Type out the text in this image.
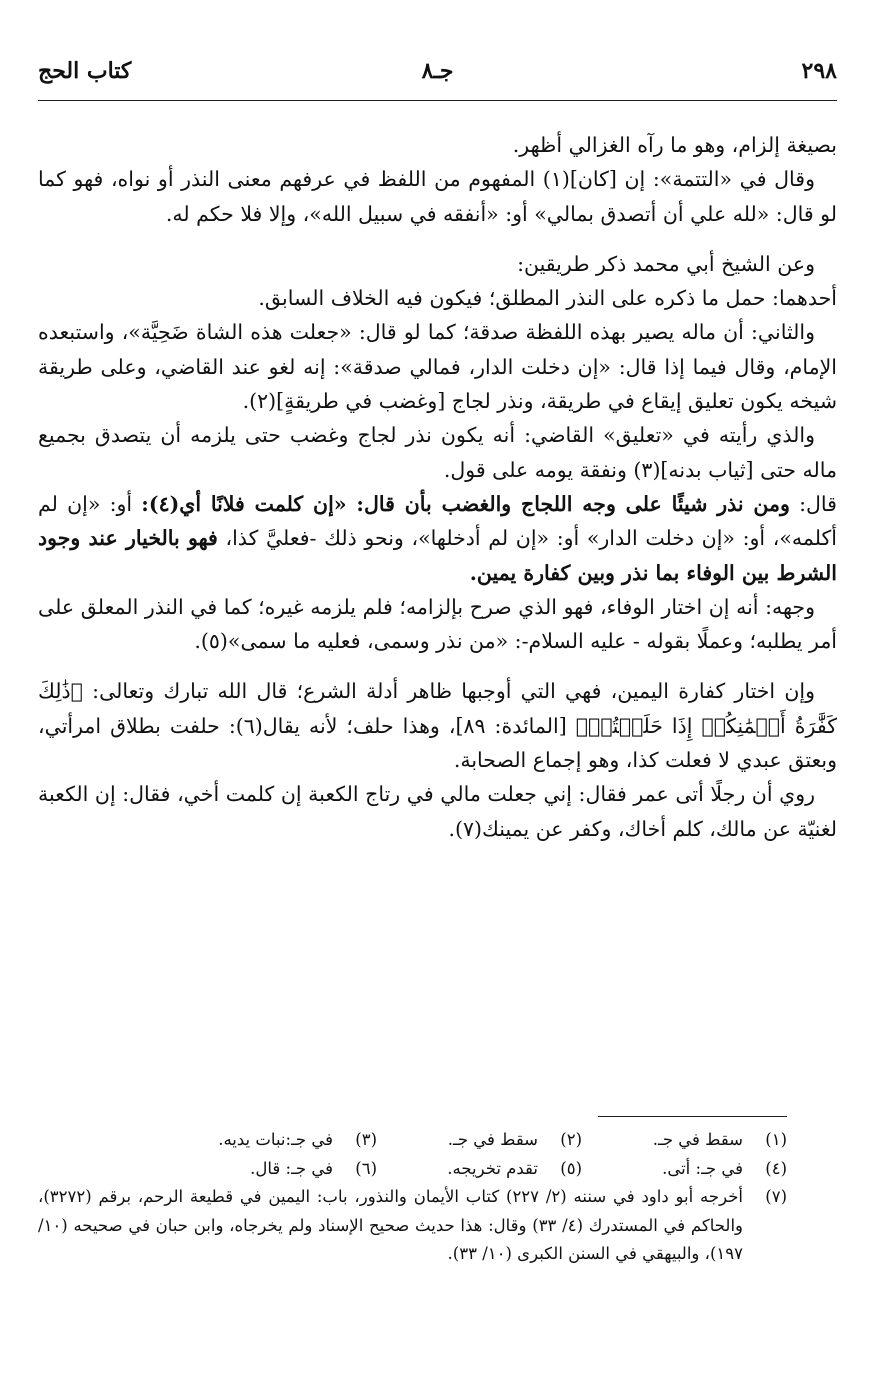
٢٩٨
جـ٨
كتاب الحج

بصيغة إلزام، وهو ما رآه الغزالي أظهر.

وقال في «التتمة»: إن [كان](١) المفهوم من اللفظ في عرفهم معنى النذر أو نواه، فهو كما لو قال: «لله علي أن أتصدق بمالي» أو: «أنفقه في سبيل الله»، وإلا فلا حكم له.

وعن الشيخ أبي محمد ذكر طريقين:

أحدهما: حمل ما ذكره على النذر المطلق؛ فيكون فيه الخلاف السابق.

والثاني: أن ماله يصير بهذه اللفظة صدقة؛ كما لو قال: «جعلت هذه الشاة ضَحِيَّة»، واستبعده الإمام، وقال فيما إذا قال: «إن دخلت الدار، فمالي صدقة»: إنه لغو عند القاضي، وعلى طريقة شيخه يكون تعليق إيقاع في طريقة، ونذر لجاج [وغضب في طريقةٍ](٢).

والذي رأيته في «تعليق» القاضي: أنه يكون نذر لجاج وغضب حتى يلزمه أن يتصدق بجميع ماله حتى [ثياب بدنه](٣) ونفقة يومه على قول.

قال: ومن نذر شيئًا على وجه اللجاج والغضب بأن قال: «إن كلمت فلانًا أي(٤): أو: «إن لم أكلمه»، أو: «إن دخلت الدار» أو: «إن لم أدخلها»، ونحو ذلك -فعليَّ كذا، فهو بالخيار عند وجود الشرط بين الوفاء بما نذر وبين كفارة يمين.

وجهه: أنه إن اختار الوفاء، فهو الذي صرح بإلزامه؛ فلم يلزمه غيره؛ كما في النذر المعلق على أمر يطلبه؛ وعملًا بقوله - عليه السلام-: «من نذر وسمى، فعليه ما سمى»(٥).

وإن اختار كفارة اليمين، فهي التي أوجبها ظاهر أدلة الشرع؛ قال الله تبارك وتعالى: ﴿ذَٰلِكَ كَفَّٰرَةُ أَيۡمَٰنِكُمۡ إِذَا حَلَفۡتُمۡ﴾ [المائدة: ٨٩]، وهذا حلف؛ لأنه يقال(٦): حلفت بطلاق امرأتي، وبعتق عبدي لا فعلت كذا، وهو إجماع الصحابة.

روي أن رجلًا أتى عمر فقال: إني جعلت مالي في رتاج الكعبة إن كلمت أخي، فقال: إن الكعبة لغنيّة عن مالك، كلم أخاك، وكفر عن يمينك(٧).

(١)
سقط في جـ.
(٢)
سقط في جـ.
(٣)
في جـ:نبات يديه.
(٤)
في جـ: أتى.
(٥)
تقدم تخريجه.
(٦)
في جـ: قال.
(٧)
أخرجه أبو داود في سننه (٢/ ٢٢٧) كتاب الأيمان والنذور، باب: اليمين في قطيعة الرحم، برقم (٣٢٧٢)، والحاكم في المستدرك (٤/ ٣٣) وقال: هذا حديث صحيح الإسناد ولم يخرجاه، وابن حبان في صحيحه (١٠/ ١٩٧)، والبيهقي في السنن الكبرى (١٠/ ٣٣).
